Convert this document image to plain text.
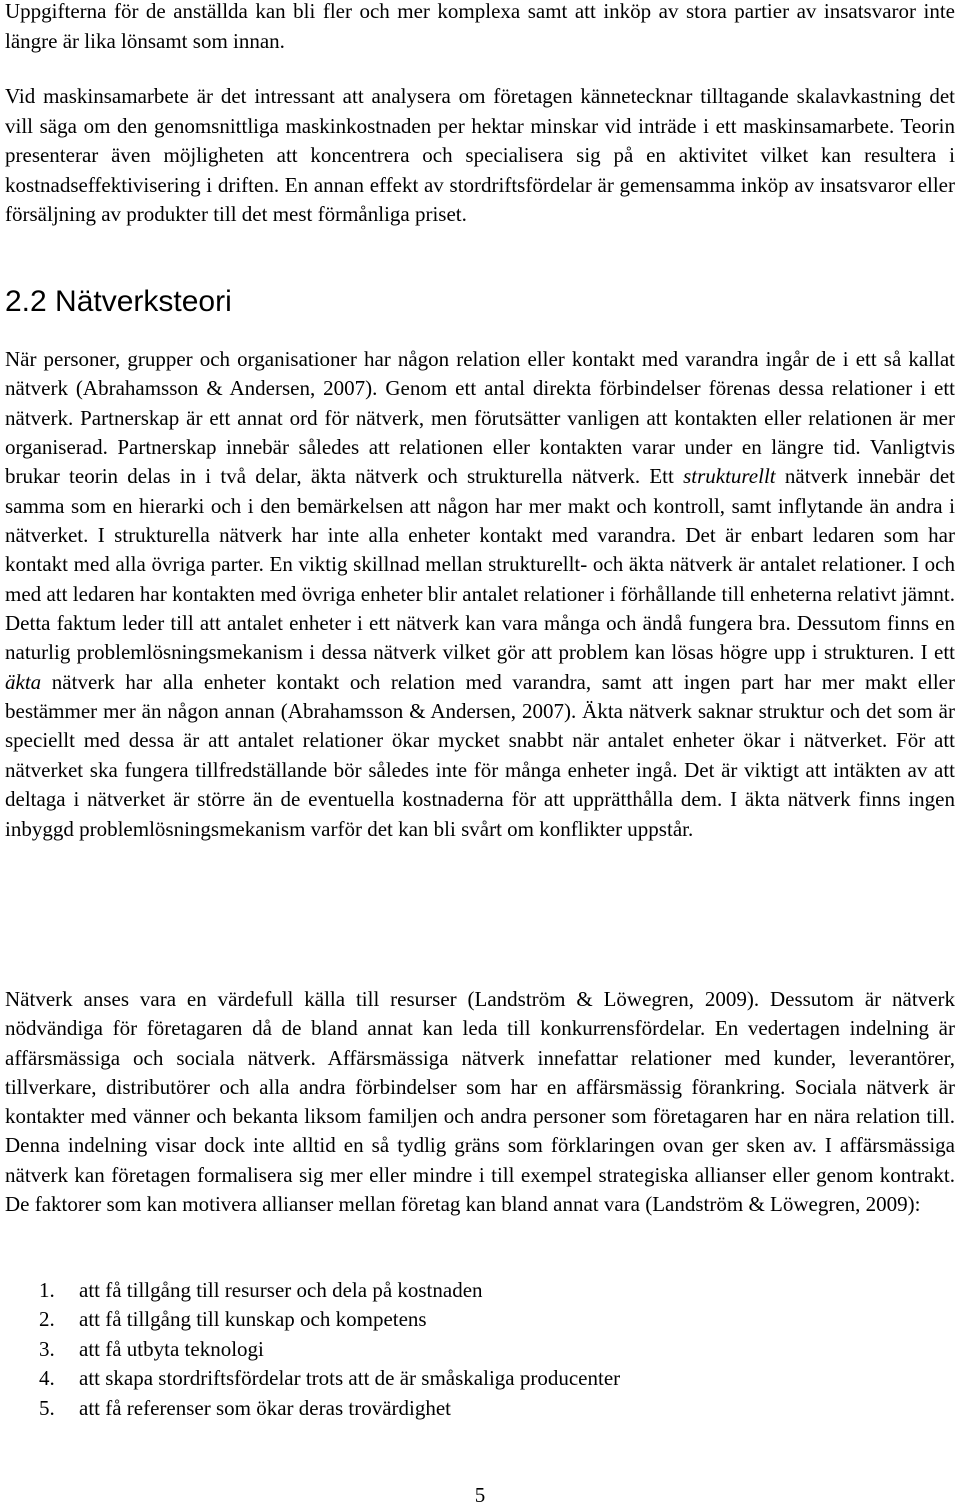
Uppgifterna för de anställda kan bli fler och mer komplexa samt att inköp av stora partier av insatsvaror inte längre är lika lönsamt som innan.

Vid maskinsamarbete är det intressant att analysera om företagen kännetecknar tilltagande skalavkastning det vill säga om den genomsnittliga maskinkostnaden per hektar minskar vid inträde i ett maskinsamarbete. Teorin presenterar även möjligheten att koncentrera och specialisera sig på en aktivitet vilket kan resultera i kostnadseffektivisering i driften. En annan effekt av stordriftsfördelar är gemensamma inköp av insatsvaror eller försäljning av produkter till det mest förmånliga priset.

2.2 Nätverksteori

När personer, grupper och organisationer har någon relation eller kontakt med varandra ingår de i ett så kallat nätverk (Abrahamsson & Andersen, 2007). Genom ett antal direkta förbindelser förenas dessa relationer i ett nätverk. Partnerskap är ett annat ord för nätverk, men förutsätter vanligen att kontakten eller relationen är mer organiserad. Partnerskap innebär således att relationen eller kontakten varar under en längre tid. Vanligtvis brukar teorin delas in i två delar, äkta nätverk och strukturella nätverk. Ett strukturellt nätverk innebär det samma som en hierarki och i den bemärkelsen att någon har mer makt och kontroll, samt inflytande än andra i nätverket. I strukturella nätverk har inte alla enheter kontakt med varandra. Det är enbart ledaren som har kontakt med alla övriga parter. En viktig skillnad mellan strukturellt- och äkta nätverk är antalet relationer. I och med att ledaren har kontakten med övriga enheter blir antalet relationer i förhållande till enheterna relativt jämnt. Detta faktum leder till att antalet enheter i ett nätverk kan vara många och ändå fungera bra. Dessutom finns en naturlig problemlösningsmekanism i dessa nätverk vilket gör att problem kan lösas högre upp i strukturen. I ett äkta nätverk har alla enheter kontakt och relation med varandra, samt att ingen part har mer makt eller bestämmer mer än någon annan (Abrahamsson & Andersen, 2007). Äkta nätverk saknar struktur och det som är speciellt med dessa är att antalet relationer ökar mycket snabbt när antalet enheter ökar i nätverket. För att nätverket ska fungera tillfredställande bör således inte för många enheter ingå. Det är viktigt att intäkten av att deltaga i nätverket är större än de eventuella kostnaderna för att upprätthålla dem. I äkta nätverk finns ingen inbyggd problemlösningsmekanism varför det kan bli svårt om konflikter uppstår.

Nätverk anses vara en värdefull källa till resurser (Landström & Löwegren, 2009). Dessutom är nätverk nödvändiga för företagaren då de bland annat kan leda till konkurrensfördelar. En vedertagen indelning är affärsmässiga och sociala nätverk. Affärsmässiga nätverk innefattar relationer med kunder, leverantörer, tillverkare, distributörer och alla andra förbindelser som har en affärsmässig förankring. Sociala nätverk är kontakter med vänner och bekanta liksom familjen och andra personer som företagaren har en nära relation till. Denna indelning visar dock inte alltid en så tydlig gräns som förklaringen ovan ger sken av. I affärsmässiga nätverk kan företagen formalisera sig mer eller mindre i till exempel strategiska allianser eller genom kontrakt. De faktorer som kan motivera allianser mellan företag kan bland annat vara (Landström & Löwegren, 2009):

1. att få tillgång till resurser och dela på kostnaden
2. att få tillgång till kunskap och kompetens
3. att få utbyta teknologi
4. att skapa stordriftsfördelar trots att de är småskaliga producenter
5. att få referenser som ökar deras trovärdighet
5
